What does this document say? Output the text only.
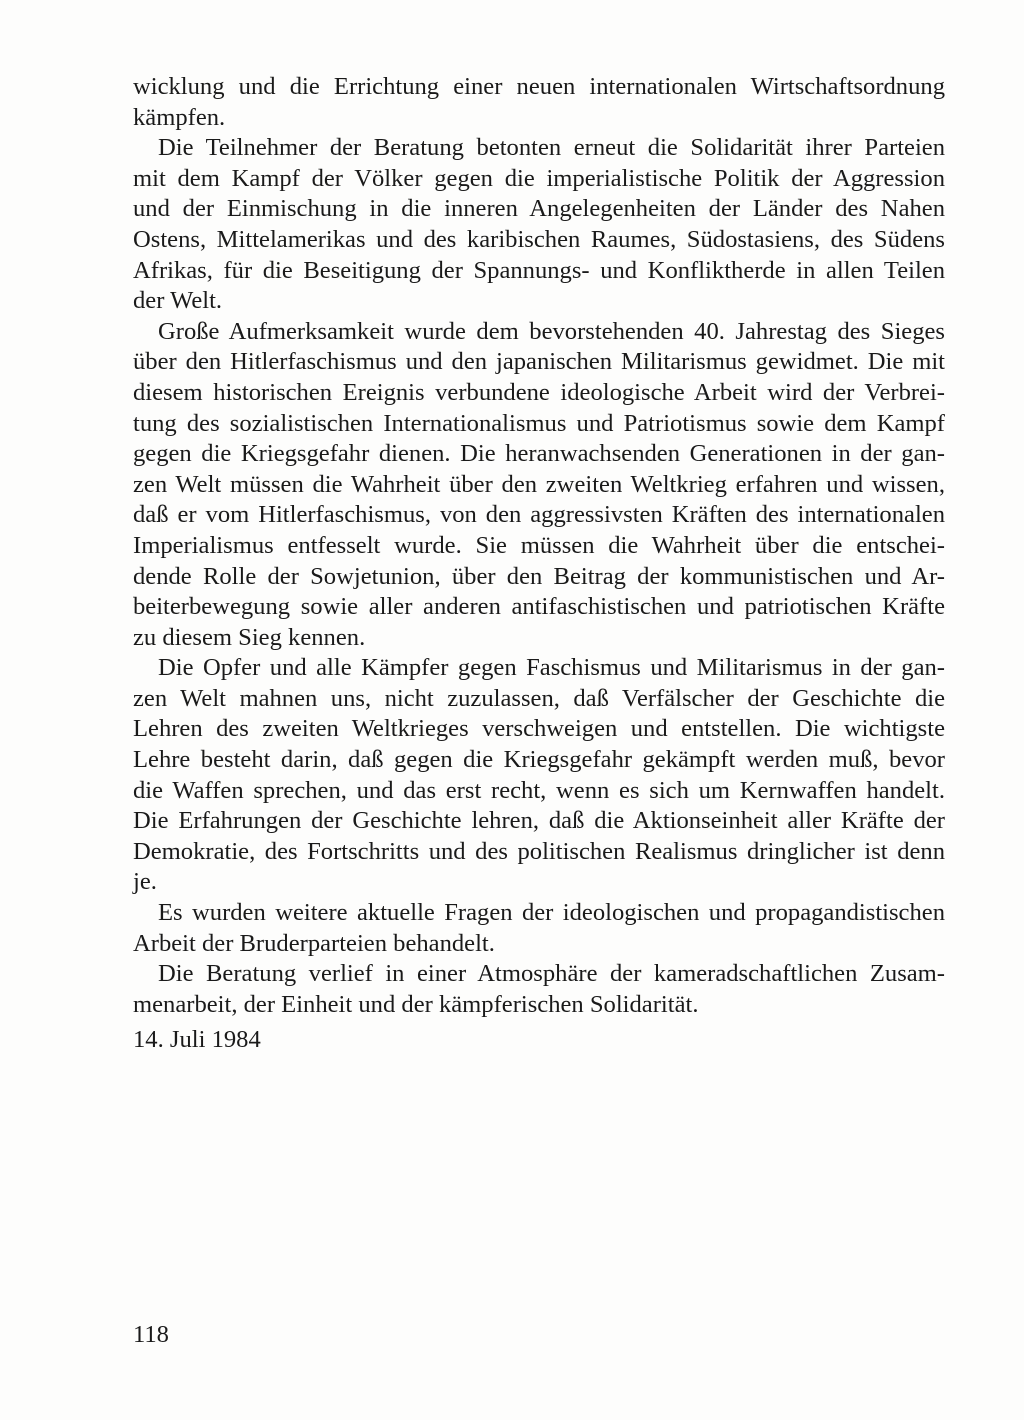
wicklung und die Errichtung einer neuen internationalen Wirtschaftsordnung
kämpfen.
Die Teilnehmer der Beratung betonten erneut die Solidarität ihrer Parteien
mit dem Kampf der Völker gegen die imperialistische Politik der Aggression
und der Einmischung in die inneren Angelegenheiten der Länder des Nahen
Ostens, Mittelamerikas und des karibischen Raumes, Südostasiens, des Südens
Afrikas, für die Beseitigung der Spannungs- und Konfliktherde in allen Teilen
der Welt.
Große Aufmerksamkeit wurde dem bevorstehenden 40. Jahrestag des Sieges
über den Hitlerfaschismus und den japanischen Militarismus gewidmet. Die mit
diesem historischen Ereignis verbundene ideologische Arbeit wird der Verbrei-
tung des sozialistischen Internationalismus und Patriotismus sowie dem Kampf
gegen die Kriegsgefahr dienen. Die heranwachsenden Generationen in der gan-
zen Welt müssen die Wahrheit über den zweiten Weltkrieg erfahren und wissen,
daß er vom Hitlerfaschismus, von den aggressivsten Kräften des internationalen
Imperialismus entfesselt wurde. Sie müssen die Wahrheit über die entschei-
dende Rolle der Sowjetunion, über den Beitrag der kommunistischen und Ar-
beiterbewegung sowie aller anderen antifaschistischen und patriotischen Kräfte
zu diesem Sieg kennen.
Die Opfer und alle Kämpfer gegen Faschismus und Militarismus in der gan-
zen Welt mahnen uns, nicht zuzulassen, daß Verfälscher der Geschichte die
Lehren des zweiten Weltkrieges verschweigen und entstellen. Die wichtigste
Lehre besteht darin, daß gegen die Kriegsgefahr gekämpft werden muß, bevor
die Waffen sprechen, und das erst recht, wenn es sich um Kernwaffen handelt.
Die Erfahrungen der Geschichte lehren, daß die Aktionseinheit aller Kräfte der
Demokratie, des Fortschritts und des politischen Realismus dringlicher ist denn
je.
Es wurden weitere aktuelle Fragen der ideologischen und propagandistischen
Arbeit der Bruderparteien behandelt.
Die Beratung verlief in einer Atmosphäre der kameradschaftlichen Zusam-
menarbeit, der Einheit und der kämpferischen Solidarität.
14. Juli 1984
118
